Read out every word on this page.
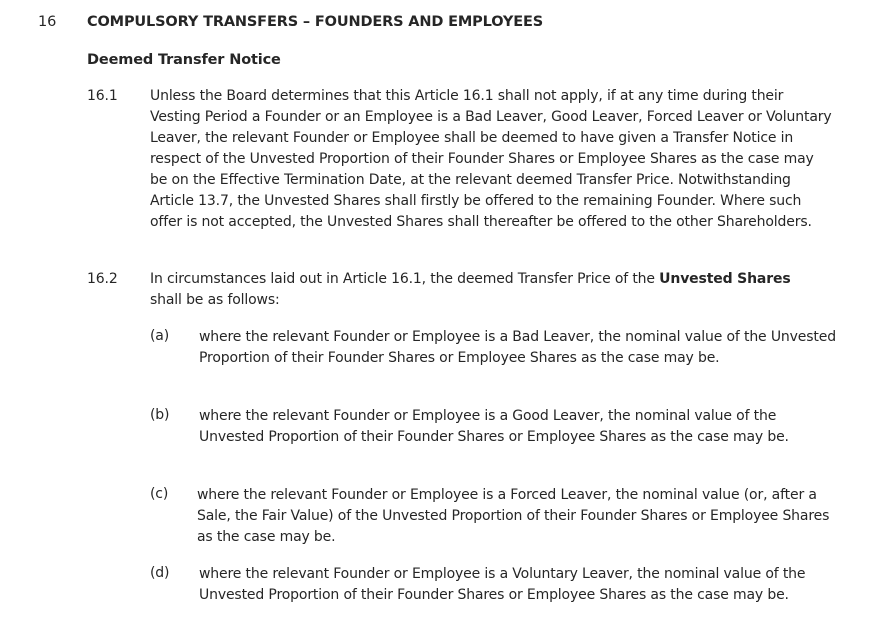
16 COMPULSORY TRANSFERS – FOUNDERS AND EMPLOYEES
Deemed Transfer Notice
16.1 Unless the Board determines that this Article 16.1 shall not apply, if at any time during their Vesting Period a Founder or an Employee is a Bad Leaver, Good Leaver, Forced Leaver or Voluntary Leaver, the relevant Founder or Employee shall be deemed to have given a Transfer Notice in respect of the Unvested Proportion of their Founder Shares or Employee Shares as the case may be on the Effective Termination Date, at the relevant deemed Transfer Price. Notwithstanding Article 13.7, the Unvested Shares shall firstly be offered to the remaining Founder. Where such offer is not accepted, the Unvested Shares shall thereafter be offered to the other Shareholders.

16.2 In circumstances laid out in Article 16.1, the deemed Transfer Price of the Unvested Shares
shall be as follows:

(a) where the relevant Founder or Employee is a Bad Leaver, the nominal value of the Unvested Proportion of their Founder Shares or Employee Shares as the case may be.

(b) where the relevant Founder or Employee is a Good Leaver, the nominal value of the Unvested Proportion of their Founder Shares or Employee Shares as the case may be.

(c) where the relevant Founder or Employee is a Forced Leaver, the nominal value (or, after a Sale, the Fair Value) of the Unvested Proportion of their Founder Shares or Employee Shares as the case may be.

(d) where the relevant Founder or Employee is a Voluntary Leaver, the nominal value of the Unvested Proportion of their Founder Shares or Employee Shares as the case may be.
